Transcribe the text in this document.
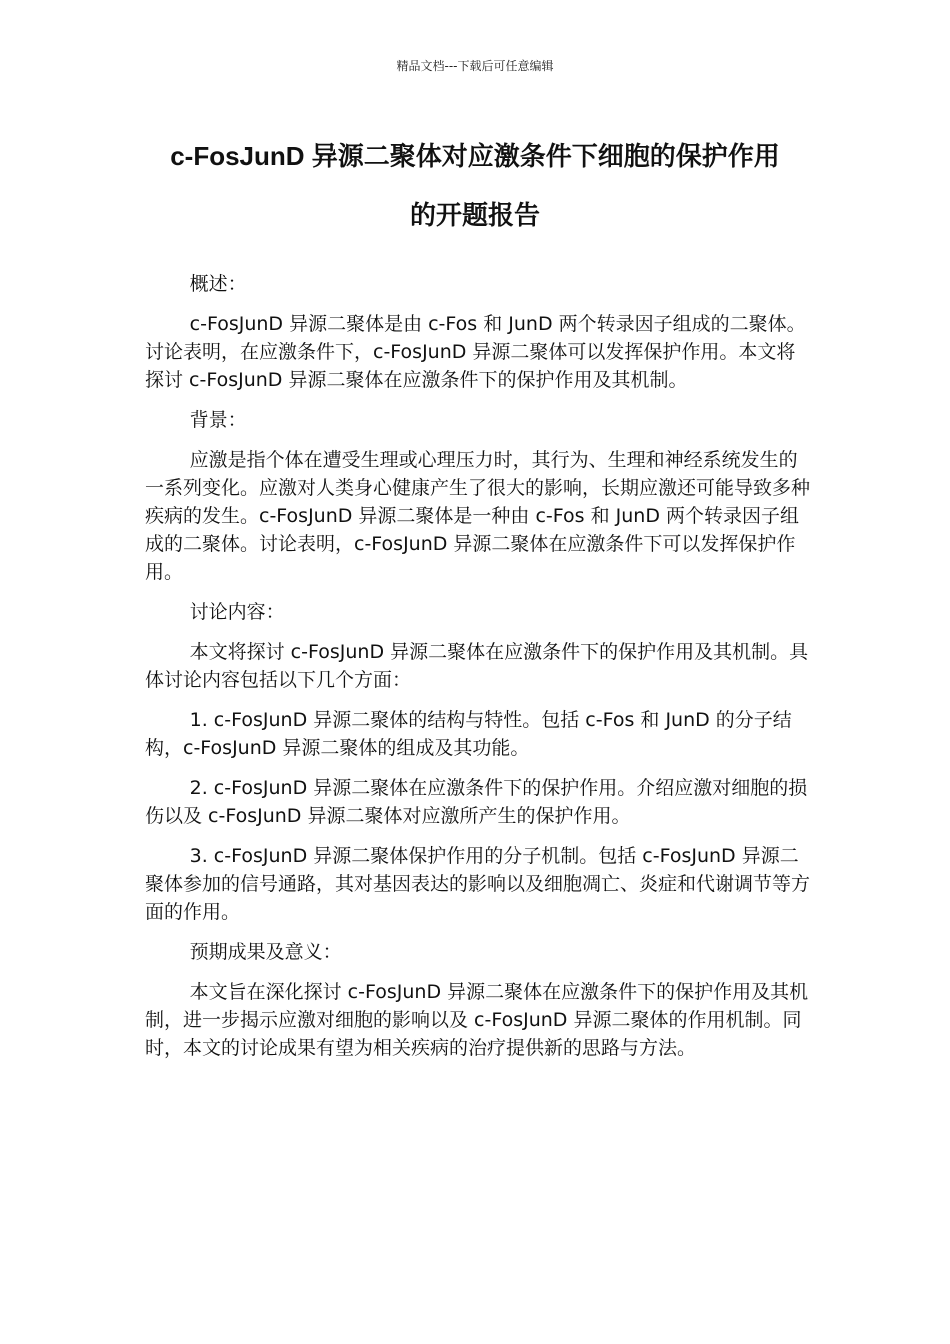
精品文档---下载后可任意编辑
c-FosJunD 异源二聚体对应激条件下细胞的保护作用
的开题报告

概述：

c-FosJunD 异源二聚体是由 c-Fos 和 JunD 两个转录因子组成的二聚体。讨论表明，在应激条件下，c-FosJunD 异源二聚体可以发挥保护作用。本文将探讨 c-FosJunD 异源二聚体在应激条件下的保护作用及其机制。

背景：

应激是指个体在遭受生理或心理压力时，其行为、生理和神经系统发生的一系列变化。应激对人类身心健康产生了很大的影响，长期应激还可能导致多种疾病的发生。c-FosJunD 异源二聚体是一种由 c-Fos 和 JunD 两个转录因子组成的二聚体。讨论表明，c-FosJunD 异源二聚体在应激条件下可以发挥保护作用。

讨论内容：

本文将探讨 c-FosJunD 异源二聚体在应激条件下的保护作用及其机制。具体讨论内容包括以下几个方面：

1. c-FosJunD 异源二聚体的结构与特性。包括 c-Fos 和 JunD 的分子结构，c-FosJunD 异源二聚体的组成及其功能。

2. c-FosJunD 异源二聚体在应激条件下的保护作用。介绍应激对细胞的损伤以及 c-FosJunD 异源二聚体对应激所产生的保护作用。

3. c-FosJunD 异源二聚体保护作用的分子机制。包括 c-FosJunD 异源二聚体参加的信号通路，其对基因表达的影响以及细胞凋亡、炎症和代谢调节等方面的作用。

预期成果及意义：

本文旨在深化探讨 c-FosJunD 异源二聚体在应激条件下的保护作用及其机制，进一步揭示应激对细胞的影响以及 c-FosJunD 异源二聚体的作用机制。同时，本文的讨论成果有望为相关疾病的治疗提供新的思路与方法。
